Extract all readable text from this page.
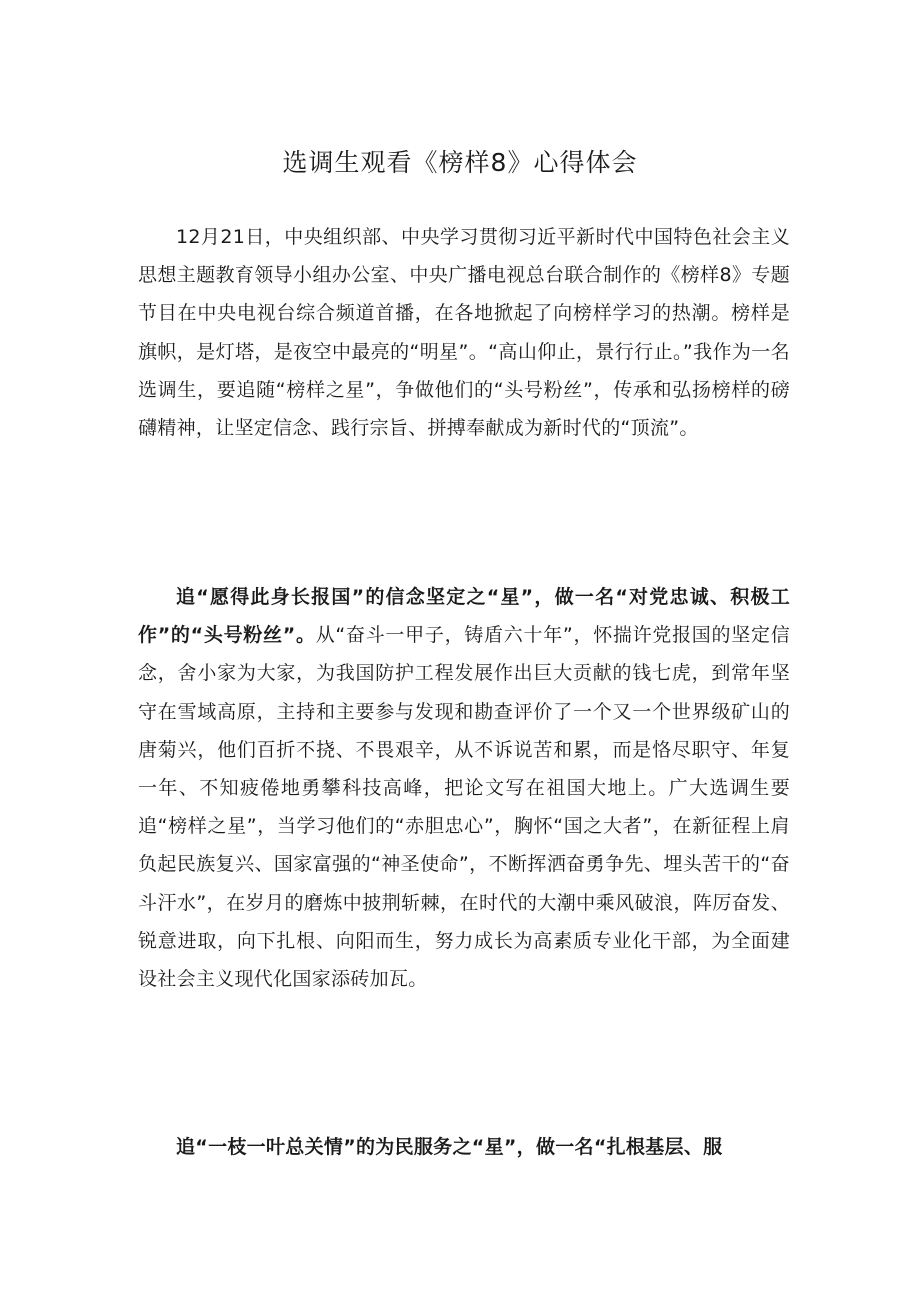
选调生观看《榜样8》心得体会

12月21日，中央组织部、中央学习贯彻习近平新时代中国特色社会主义思想主题教育领导小组办公室、中央广播电视总台联合制作的《榜样8》专题节目在中央电视台综合频道首播，在各地掀起了向榜样学习的热潮。榜样是旗帜，是灯塔，是夜空中最亮的“明星”。“高山仰止，景行行止。”我作为一名选调生，要追随“榜样之星”，争做他们的“头号粉丝”，传承和弘扬榜样的磅礴精神，让坚定信念、践行宗旨、拼搏奉献成为新时代的“顶流”。

追“愿得此身长报国”的信念坚定之“星”，做一名“对党忠诚、积极工作”的“头号粉丝”。从“奋斗一甲子，铸盾六十年”，怀揣许党报国的坚定信念，舍小家为大家，为我国防护工程发展作出巨大贡献的钱七虎，到常年坚守在雪域高原，主持和主要参与发现和勘查评价了一个又一个世界级矿山的唐菊兴，他们百折不挠、不畏艰辛，从不诉说苦和累，而是恪尽职守、年复一年、不知疲倦地勇攀科技高峰，把论文写在祖国大地上。广大选调生要追“榜样之星”，当学习他们的“赤胆忠心”，胸怀“国之大者”，在新征程上肩负起民族复兴、国家富强的“神圣使命”，不断挥洒奋勇争先、埋头苦干的“奋斗汗水”，在岁月的磨炼中披荆斩棘，在时代的大潮中乘风破浪，阵厉奋发、锐意进取，向下扎根、向阳而生，努力成长为高素质专业化干部，为全面建设社会主义现代化国家添砖加瓦。

追“一枝一叶总关情”的为民服务之“星”，做一名“扎根基层、服
